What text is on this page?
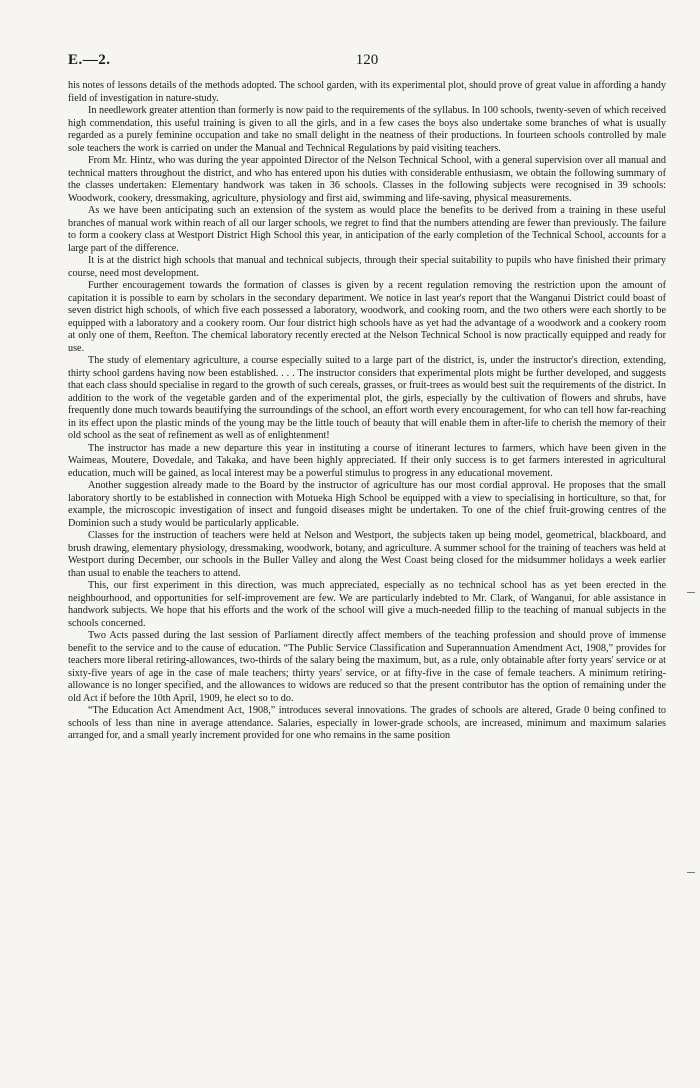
E.—2.	120

his notes of lessons details of the methods adopted. The school garden, with its experimental plot, should prove of great value in affording a handy field of investigation in nature-study.

In needlework greater attention than formerly is now paid to the requirements of the syllabus. In 100 schools, twenty-seven of which received high commendation, this useful training is given to all the girls, and in a few cases the boys also undertake some branches of what is usually regarded as a purely feminine occupation and take no small delight in the neatness of their productions. In fourteen schools controlled by male sole teachers the work is carried on under the Manual and Technical Regulations by paid visiting teachers.

From Mr. Hintz, who was during the year appointed Director of the Nelson Technical School, with a general supervision over all manual and technical matters throughout the district, and who has entered upon his duties with considerable enthusiasm, we obtain the following summary of the classes undertaken: Elementary handwork was taken in 36 schools. Classes in the following subjects were recognised in 39 schools: Woodwork, cookery, dressmaking, agriculture, physiology and first aid, swimming and life-saving, physical measurements.

As we have been anticipating such an extension of the system as would place the benefits to be derived from a training in these useful branches of manual work within reach of all our larger schools, we regret to find that the numbers attending are fewer than previously. The failure to form a cookery class at Westport District High School this year, in anticipation of the early completion of the Technical School, accounts for a large part of the difference.

It is at the district high schools that manual and technical subjects, through their special suitability to pupils who have finished their primary course, need most development.

Further encouragement towards the formation of classes is given by a recent regulation removing the restriction upon the amount of capitation it is possible to earn by scholars in the secondary department. We notice in last year's report that the Wanganui District could boast of seven district high schools, of which five each possessed a laboratory, woodwork, and cooking room, and the two others were each shortly to be equipped with a laboratory and a cookery room. Our four district high schools have as yet had the advantage of a woodwork and a cookery room at only one of them, Reefton. The chemical laboratory recently erected at the Nelson Technical School is now practically equipped and ready for use.

The study of elementary agriculture, a course especially suited to a large part of the district, is, under the instructor's direction, extending, thirty school gardens having now been established. . . . The instructor considers that experimental plots might be further developed, and suggests that each class should specialise in regard to the growth of such cereals, grasses, or fruit-trees as would best suit the requirements of the district. In addition to the work of the vegetable garden and of the experimental plot, the girls, especially by the cultivation of flowers and shrubs, have frequently done much towards beautifying the surroundings of the school, an effort worth every encouragement, for who can tell how far-reaching in its effect upon the plastic minds of the young may be the little touch of beauty that will enable them in after-life to cherish the memory of their old school as the seat of refinement as well as of enlightenment!

The instructor has made a new departure this year in instituting a course of itinerant lectures to farmers, which have been given in the Waimeas, Moutere, Dovedale, and Takaka, and have been highly appreciated. If their only success is to get farmers interested in agricultural education, much will be gained, as local interest may be a powerful stimulus to progress in any educational movement.

Another suggestion already made to the Board by the instructor of agriculture has our most cordial approval. He proposes that the small laboratory shortly to be established in connection with Motueka High School be equipped with a view to specialising in horticulture, so that, for example, the microscopic investigation of insect and fungoid diseases might be undertaken. To one of the chief fruit-growing centres of the Dominion such a study would be particularly applicable.

Classes for the instruction of teachers were held at Nelson and Westport, the subjects taken up being model, geometrical, blackboard, and brush drawing, elementary physiology, dressmaking, woodwork, botany, and agriculture. A summer school for the training of teachers was held at Westport during December, our schools in the Buller Valley and along the West Coast being closed for the midsummer holidays a week earlier than usual to enable the teachers to attend.

This, our first experiment in this direction, was much appreciated, especially as no technical school has as yet been erected in the neighbourhood, and opportunities for self-improvement are few. We are particularly indebted to Mr. Clark, of Wanganui, for able assistance in handwork subjects. We hope that his efforts and the work of the school will give a much-needed fillip to the teaching of manual subjects in the schools concerned.

Two Acts passed during the last session of Parliament directly affect members of the teaching profession and should prove of immense benefit to the service and to the cause of education. “The Public Service Classification and Superannuation Amendment Act, 1908,” provides for teachers more liberal retiring-allowances, two-thirds of the salary being the maximum, but, as a rule, only obtainable after forty years' service or at sixty-five years of age in the case of male teachers; thirty years' service, or at fifty-five in the case of female teachers. A minimum retiring-allowance is no longer specified, and the allowances to widows are reduced so that the present contributor has the option of remaining under the old Act if before the 10th April, 1909, he elect so to do.

“The Education Act Amendment Act, 1908,” introduces several innovations. The grades of schools are altered, Grade 0 being confined to schools of less than nine in average attendance. Salaries, especially in lower-grade schools, are increased, minimum and maximum salaries arranged for, and a small yearly increment provided for one who remains in the same position
